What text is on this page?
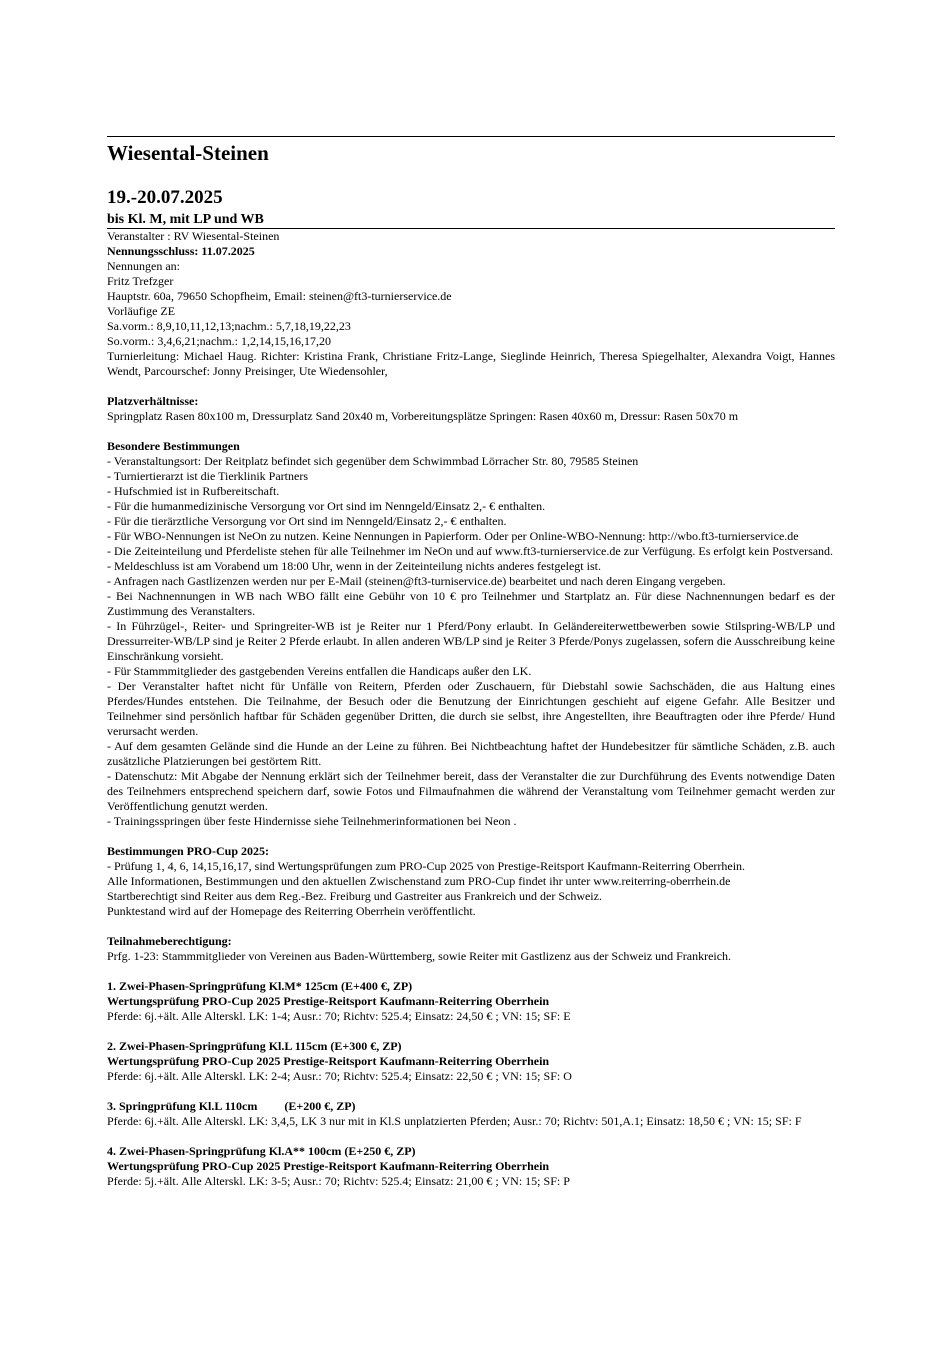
Wiesental-Steinen
19.-20.07.2025
bis Kl. M, mit LP und WB

Veranstalter : RV Wiesental-Steinen

Nennungsschluss: 11.07.2025

Nennungen an:

Fritz Trefzger

Hauptstr. 60a, 79650 Schopfheim, Email: steinen@ft3-turnierservice.de

Vorläufige ZE

Sa.vorm.: 8,9,10,11,12,13;nachm.: 5,7,18,19,22,23

So.vorm.: 3,4,6,21;nachm.: 1,2,14,15,16,17,20

Turnierleitung: Michael Haug. Richter: Kristina Frank, Christiane Fritz-Lange, Sieglinde Heinrich, Theresa Spiegelhalter, Alexandra Voigt, Hannes Wendt, Parcourschef: Jonny Preisinger, Ute Wiedensohler,

Platzverhältnisse:

Springplatz Rasen 80x100 m, Dressurplatz Sand 20x40 m, Vorbereitungsplätze Springen: Rasen 40x60 m, Dressur: Rasen 50x70 m

Besondere Bestimmungen

- Veranstaltungsort: Der Reitplatz befindet sich gegenüber dem Schwimmbad Lörracher Str. 80, 79585 Steinen

- Turniertierarzt ist die Tierklinik Partners

- Hufschmied ist in Rufbereitschaft.

- Für die humanmedizinische Versorgung vor Ort sind im Nenngeld/Einsatz 2,- € enthalten.

- Für die tierärztliche Versorgung vor Ort sind im Nenngeld/Einsatz 2,- € enthalten.

- Für WBO-Nennungen ist NeOn zu nutzen. Keine Nennungen in Papierform. Oder per Online-WBO-Nennung: http://wbo.ft3-turnierservice.de

- Die Zeiteinteilung und Pferdeliste stehen für alle Teilnehmer im NeOn und auf www.ft3-turnierservice.de zur Verfügung. Es erfolgt kein Postversand.

- Meldeschluss ist am Vorabend um 18:00 Uhr, wenn in der Zeiteinteilung nichts anderes festgelegt ist.

- Anfragen nach Gastlizenzen werden nur per E-Mail (steinen@ft3-turniservice.de) bearbeitet und nach deren Eingang vergeben.

- Bei Nachnennungen in WB nach WBO fällt eine Gebühr von 10 € pro Teilnehmer und Startplatz an. Für diese Nachnennungen bedarf es der Zustimmung des Veranstalters.

- In Führzügel-, Reiter- und Springreiter-WB ist je Reiter nur 1 Pferd/Pony erlaubt. In Geländereiterwettbewerben sowie Stilspring-WB/LP und Dressurreiter-WB/LP sind je Reiter 2 Pferde erlaubt. In allen anderen WB/LP sind je Reiter 3 Pferde/Ponys zugelassen, sofern die Ausschreibung keine Einschränkung vorsieht.

- Für Stammmitglieder des gastgebenden Vereins entfallen die Handicaps außer den LK.

- Der Veranstalter haftet nicht für Unfälle von Reitern, Pferden oder Zuschauern, für Diebstahl sowie Sachschäden, die aus Haltung eines Pferdes/Hundes entstehen. Die Teilnahme, der Besuch oder die Benutzung der Einrichtungen geschieht auf eigene Gefahr. Alle Besitzer und Teilnehmer sind persönlich haftbar für Schäden gegenüber Dritten, die durch sie selbst, ihre Angestellten, ihre Beauftragten oder ihre Pferde/ Hund verursacht werden.

- Auf dem gesamten Gelände sind die Hunde an der Leine zu führen. Bei Nichtbeachtung haftet der Hundebesitzer für sämtliche Schäden, z.B. auch zusätzliche Platzierungen bei gestörtem Ritt.

- Datenschutz: Mit Abgabe der Nennung erklärt sich der Teilnehmer bereit, dass der Veranstalter die zur Durchführung des Events notwendige Daten des Teilnehmers entsprechend speichern darf, sowie Fotos und Filmaufnahmen die während der Veranstaltung vom Teilnehmer gemacht werden zur Veröffentlichung genutzt werden.

- Trainingsspringen über feste Hindernisse siehe Teilnehmerinformationen bei Neon .

Bestimmungen PRO-Cup 2025:

- Prüfung 1, 4, 6, 14,15,16,17, sind Wertungsprüfungen zum PRO-Cup 2025 von Prestige-Reitsport Kaufmann-Reiterring Oberrhein.

Alle Informationen, Bestimmungen und den aktuellen Zwischenstand zum PRO-Cup findet ihr unter www.reiterring-oberrhein.de

Startberechtigt sind Reiter aus dem Reg.-Bez. Freiburg und Gastreiter aus Frankreich und der Schweiz.

Punktestand wird auf der Homepage des Reiterring Oberrhein veröffentlicht.

Teilnahmeberechtigung:

Prfg. 1-23: Stammmitglieder von Vereinen aus Baden-Württemberg, sowie Reiter mit Gastlizenz aus der Schweiz und Frankreich.

1. Zwei-Phasen-Springprüfung Kl.M* 125cm (E+400 €, ZP)

Wertungsprüfung PRO-Cup 2025 Prestige-Reitsport Kaufmann-Reiterring Oberrhein

Pferde: 6j.+ält. Alle Alterskl. LK: 1-4; Ausr.: 70; Richtv: 525.4; Einsatz: 24,50 € ; VN: 15; SF: E

2. Zwei-Phasen-Springprüfung Kl.L 115cm (E+300 €, ZP)

Wertungsprüfung PRO-Cup 2025 Prestige-Reitsport Kaufmann-Reiterring Oberrhein

Pferde: 6j.+ält. Alle Alterskl. LK: 2-4; Ausr.: 70; Richtv: 525.4; Einsatz: 22,50 € ; VN: 15; SF: O

3. Springprüfung Kl.L 110cm (E+200 €, ZP)

Pferde: 6j.+ält. Alle Alterskl. LK: 3,4,5, LK 3 nur mit in Kl.S unplatzierten Pferden; Ausr.: 70; Richtv: 501,A.1; Einsatz: 18,50 € ; VN: 15; SF: F

4. Zwei-Phasen-Springprüfung Kl.A** 100cm (E+250 €, ZP)

Wertungsprüfung PRO-Cup 2025 Prestige-Reitsport Kaufmann-Reiterring Oberrhein

Pferde: 5j.+ält. Alle Alterskl. LK: 3-5; Ausr.: 70; Richtv: 525.4; Einsatz: 21,00 € ; VN: 15; SF: P
